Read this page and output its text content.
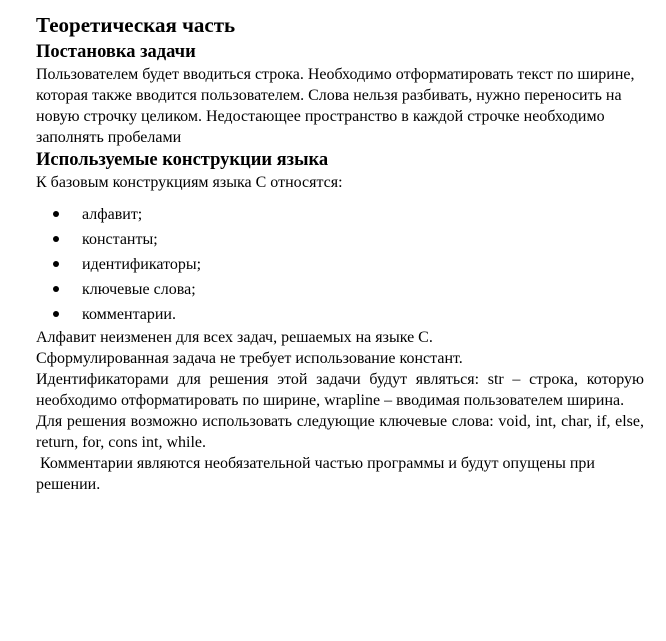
Теоретическая часть
Постановка задачи

Пользователем будет вводиться строка. Необходимо отформатировать текст по ширине, которая также вводится пользователем. Слова нельзя разбивать, нужно переносить на новую строчку целиком. Недостающее пространство в каждой строчке необходимо заполнять пробелами

Используемые конструкции языка

К базовым конструкциям языка С относятся:

алфавит;
константы;
идентификаторы;
ключевые слова;
комментарии.

Алфавит неизменен для всех задач, решаемых на языке С.

Сформулированная задача не требует использование констант.

Идентификаторами для решения этой задачи будут являться: str – строка, которую необходимо отформатировать по ширине, wrapline – вводимая пользователем ширина.

Для решения возможно использовать следующие ключевые слова: void, int, char, if, else, return, for, cons int, while.

Комментарии являются необязательной частью программы и будут опущены при решении.
